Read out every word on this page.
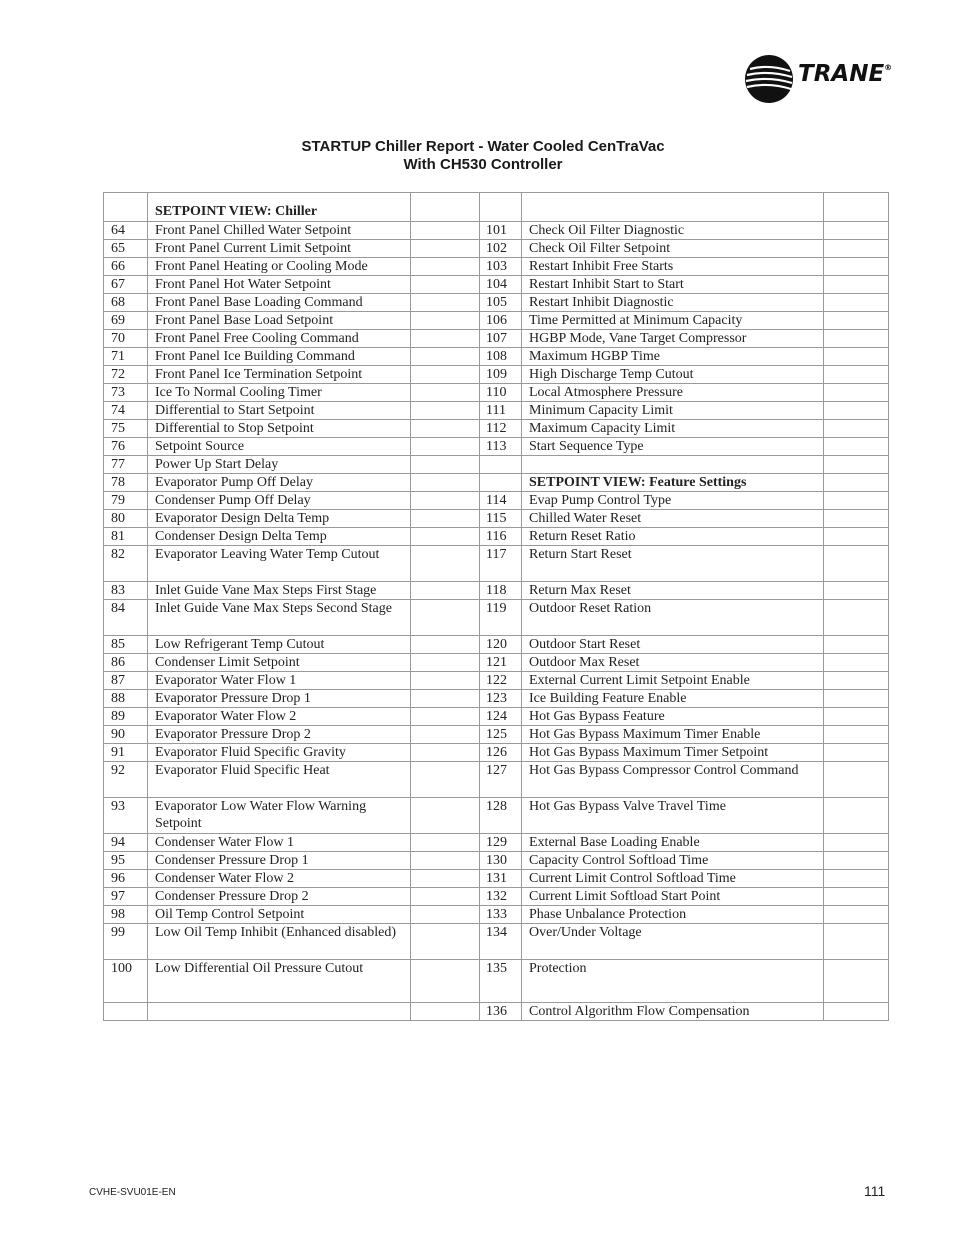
TRANE®
STARTUP Chiller Report - Water Cooled CenTraVac
With CH530 Controller
	SETPOINT VIEW: Chiller				
64	Front Panel Chilled Water Setpoint		101	Check Oil Filter Diagnostic	
65	Front Panel Current Limit Setpoint		102	Check Oil Filter Setpoint	
66	Front Panel Heating or Cooling Mode		103	Restart Inhibit Free Starts	
67	Front Panel Hot Water Setpoint		104	Restart Inhibit Start to Start	
68	Front Panel Base Loading Command		105	Restart Inhibit Diagnostic	
69	Front Panel Base Load Setpoint		106	Time Permitted at Minimum Capacity	
70	Front Panel Free Cooling Command		107	HGBP Mode, Vane Target Compressor	
71	Front Panel Ice Building Command		108	Maximum HGBP Time	
72	Front Panel Ice Termination Setpoint		109	High Discharge Temp Cutout	
73	Ice To Normal Cooling Timer		110	Local Atmosphere Pressure	
74	Differential to Start Setpoint		111	Minimum Capacity Limit	
75	Differential to Stop Setpoint		112	Maximum Capacity Limit	
76	Setpoint Source		113	Start Sequence Type	
77	Power Up Start Delay				
78	Evaporator Pump Off Delay			SETPOINT VIEW: Feature Settings	
79	Condenser Pump Off Delay		114	Evap Pump Control Type	
80	Evaporator Design Delta Temp		115	Chilled Water Reset	
81	Condenser Design Delta Temp		116	Return Reset Ratio	
82	Evaporator Leaving Water Temp Cutout		117	Return Start Reset	
83	Inlet Guide Vane Max Steps First Stage		118	Return Max Reset	
84	Inlet Guide Vane Max Steps Second Stage		119	Outdoor Reset Ration	
85	Low Refrigerant Temp Cutout		120	Outdoor Start Reset	
86	Condenser Limit Setpoint		121	Outdoor Max Reset	
87	Evaporator Water Flow 1		122	External Current Limit Setpoint Enable	
88	Evaporator Pressure Drop 1		123	Ice Building Feature Enable	
89	Evaporator Water Flow 2		124	Hot Gas Bypass Feature	
90	Evaporator Pressure Drop 2		125	Hot Gas Bypass Maximum Timer Enable	
91	Evaporator Fluid Specific Gravity		126	Hot Gas Bypass Maximum Timer Setpoint	
92	Evaporator Fluid Specific Heat		127	Hot Gas Bypass Compressor Control Command	
93	Evaporator Low Water Flow Warning Setpoint		128	Hot Gas Bypass Valve Travel Time	
94	Condenser Water Flow 1		129	External Base Loading Enable	
95	Condenser Pressure Drop 1		130	Capacity Control Softload Time	
96	Condenser Water Flow 2		131	Current Limit Control Softload Time	
97	Condenser Pressure Drop 2		132	Current Limit Softload Start Point	
98	Oil Temp Control Setpoint		133	Phase Unbalance Protection	
99	Low Oil Temp Inhibit (Enhanced disabled)		134	Over/Under Voltage	
100	Low Differential Oil Pressure Cutout		135	Protection	
			136	Control Algorithm Flow Compensation	
CVHE-SVU01E-EN	111
